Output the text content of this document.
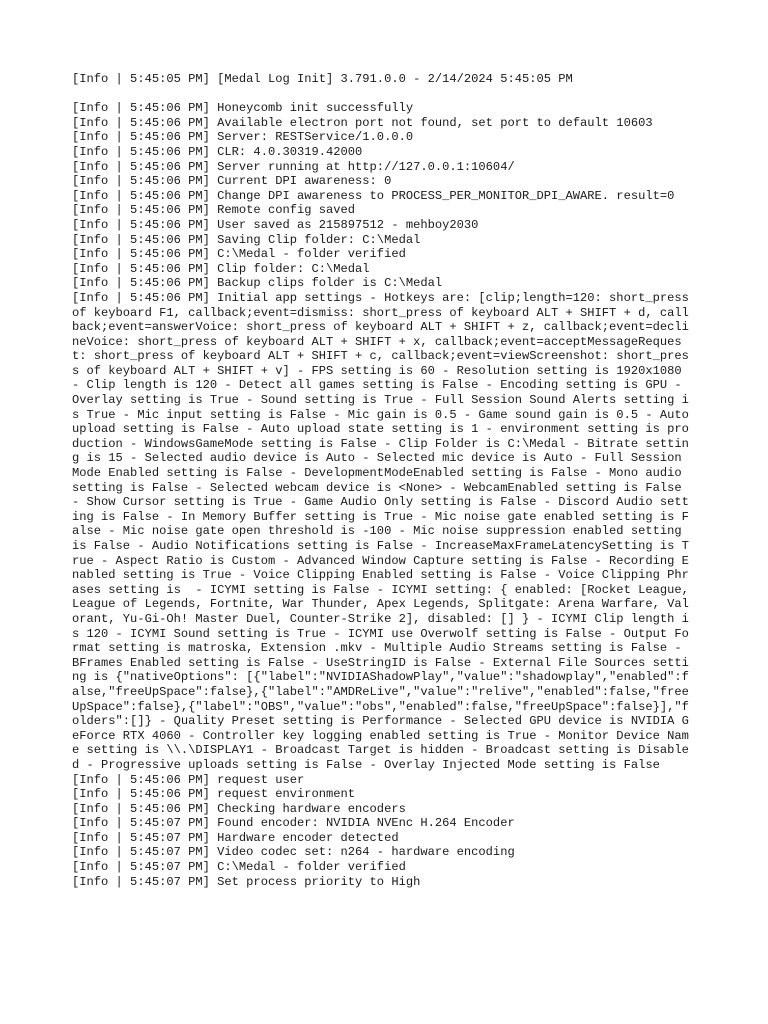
[Info | 5:45:05 PM] [Medal Log Init] 3.791.0.0 - 2/14/2024 5:45:05 PM
[Info | 5:45:06 PM] Honeycomb init successfully
[Info | 5:45:06 PM] Available electron port not found, set port to default 10603
[Info | 5:45:06 PM] Server: RESTService/1.0.0.0
[Info | 5:45:06 PM] CLR: 4.0.30319.42000
[Info | 5:45:06 PM] Server running at http://127.0.0.1:10604/
[Info | 5:45:06 PM] Current DPI awareness: 0
[Info | 5:45:06 PM] Change DPI awareness to PROCESS_PER_MONITOR_DPI_AWARE. result=0
[Info | 5:45:06 PM] Remote config saved
[Info | 5:45:06 PM] User saved as 215897512 - mehboy2030
[Info | 5:45:06 PM] Saving Clip folder: C:\Medal
[Info | 5:45:06 PM] C:\Medal - folder verified
[Info | 5:45:06 PM] Clip folder: C:\Medal
[Info | 5:45:06 PM] Backup clips folder is C:\Medal
[Info | 5:45:06 PM] Initial app settings - Hotkeys are: [clip;length=120: short_press of keyboard F1, callback;event=dismiss: short_press of keyboard ALT + SHIFT + d, callback;event=answerVoice: short_press of keyboard ALT + SHIFT + z, callback;event=declineVoice: short_press of keyboard ALT + SHIFT + x, callback;event=acceptMessageRequest: short_press of keyboard ALT + SHIFT + c, callback;event=viewScreenshot: short_press of keyboard ALT + SHIFT + v] - FPS setting is 60 - Resolution setting is 1920x1080 - Clip length is 120 - Detect all games setting is False - Encoding setting is GPU - Overlay setting is True - Sound setting is True - Full Session Sound Alerts setting is True - Mic input setting is False - Mic gain is 0.5 - Game sound gain is 0.5 - Auto upload setting is False - Auto upload state setting is 1 - environment setting is production - WindowsGameMode setting is False - Clip Folder is C:\Medal - Bitrate setting is 15 - Selected audio device is Auto - Selected mic device is Auto - Full Session Mode Enabled setting is False - DevelopmentModeEnabled setting is False - Mono audio setting is False - Selected webcam device is <None> - WebcamEnabled setting is False - Show Cursor setting is True - Game Audio Only setting is False - Discord Audio setting is False - In Memory Buffer setting is True - Mic noise gate enabled setting is False - Mic noise gate open threshold is -100 - Mic noise suppression enabled setting is False - Audio Notifications setting is False - IncreaseMaxFrameLatencySetting is True - Aspect Ratio is Custom - Advanced Window Capture setting is False - Recording Enabled setting is True - Voice Clipping Enabled setting is False - Voice Clipping Phrases setting is  - ICYMI setting is False - ICYMI setting: { enabled: [Rocket League, League of Legends, Fortnite, War Thunder, Apex Legends, Splitgate: Arena Warfare, Valorant, Yu-Gi-Oh! Master Duel, Counter-Strike 2], disabled: [] } - ICYMI Clip length is 120 - ICYMI Sound setting is True - ICYMI use Overwolf setting is False - Output Format setting is matroska, Extension .mkv - Multiple Audio Streams setting is False - BFrames Enabled setting is False - UseStringID is False - External File Sources setting is {"nativeOptions": [{"label":"NVIDIAShadowPlay","value":"shadowplay","enabled":false,"freeUpSpace":false},{"label":"AMDReLive","value":"relive","enabled":false,"freeUpSpace":false},{"label":"OBS","value":"obs","enabled":false,"freeUpSpace":false}],"folders":[]} - Quality Preset setting is Performance - Selected GPU device is NVIDIA GeForce RTX 4060 - Controller key logging enabled setting is True - Monitor Device Name setting is \\.\DISPLAY1 - Broadcast Target is hidden - Broadcast setting is Disabled - Progressive uploads setting is False - Overlay Injected Mode setting is False
[Info | 5:45:06 PM] request user
[Info | 5:45:06 PM] request environment
[Info | 5:45:06 PM] Checking hardware encoders
[Info | 5:45:07 PM] Found encoder: NVIDIA NVEnc H.264 Encoder
[Info | 5:45:07 PM] Hardware encoder detected
[Info | 5:45:07 PM] Video codec set: n264 - hardware encoding
[Info | 5:45:07 PM] C:\Medal - folder verified
[Info | 5:45:07 PM] Set process priority to High
